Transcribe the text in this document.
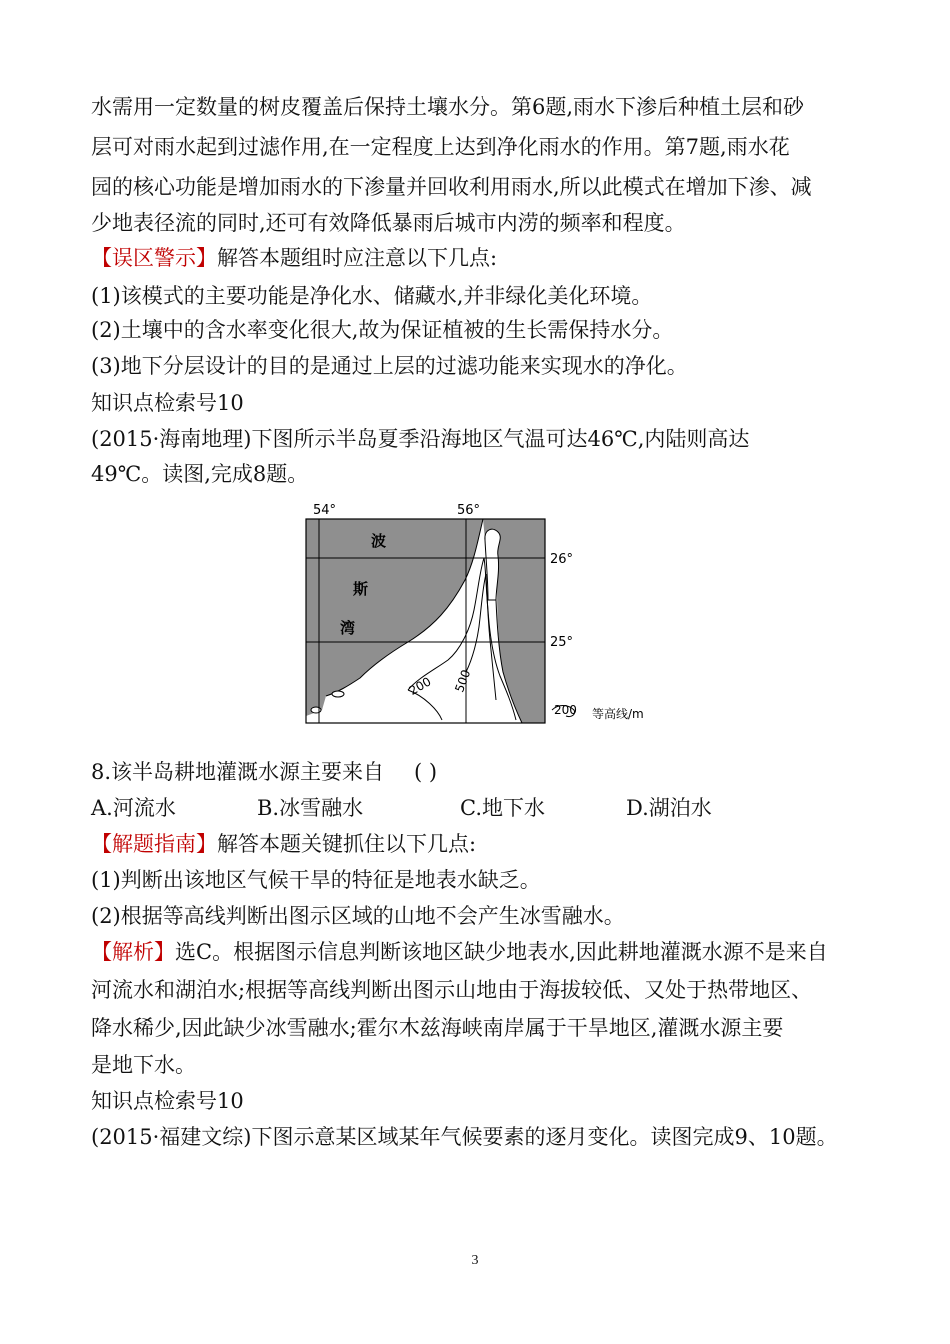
水需用一定数量的树皮覆盖后保持土壤水分。第6题,雨水下渗后种植土层和砂
层可对雨水起到过滤作用,在一定程度上达到净化雨水的作用。第7题,雨水花
园的核心功能是增加雨水的下渗量并回收利用雨水,所以此模式在增加下渗、减
少地表径流的同时,还可有效降低暴雨后城市内涝的频率和程度。
【误区警示】解答本题组时应注意以下几点:
(1)该模式的主要功能是净化水、储藏水,并非绿化美化环境。
(2)土壤中的含水率变化很大,故为保证植被的生长需保持水分。
(3)地下分层设计的目的是通过上层的过滤功能来实现水的净化。
知识点检索号10
(2015·海南地理)下图所示半岛夏季沿海地区气温可达46℃,内陆则高达
49℃。读图,完成8题。
54°	56°
26°
25°
波
斯
湾
200 500
200 等高线/m
8.该半岛耕地灌溉水源主要来自 ( )
A.河流水	B.冰雪融水	C.地下水	D.湖泊水
【解题指南】解答本题关键抓住以下几点:
(1)判断出该地区气候干旱的特征是地表水缺乏。
(2)根据等高线判断出图示区域的山地不会产生冰雪融水。
【解析】选C。根据图示信息判断该地区缺少地表水,因此耕地灌溉水源不是来自
河流水和湖泊水;根据等高线判断出图示山地由于海拔较低、又处于热带地区、
降水稀少,因此缺少冰雪融水;霍尔木兹海峡南岸属于干旱地区,灌溉水源主要
是地下水。
知识点检索号10
(2015·福建文综)下图示意某区域某年气候要素的逐月变化。读图完成9、10题。
3
